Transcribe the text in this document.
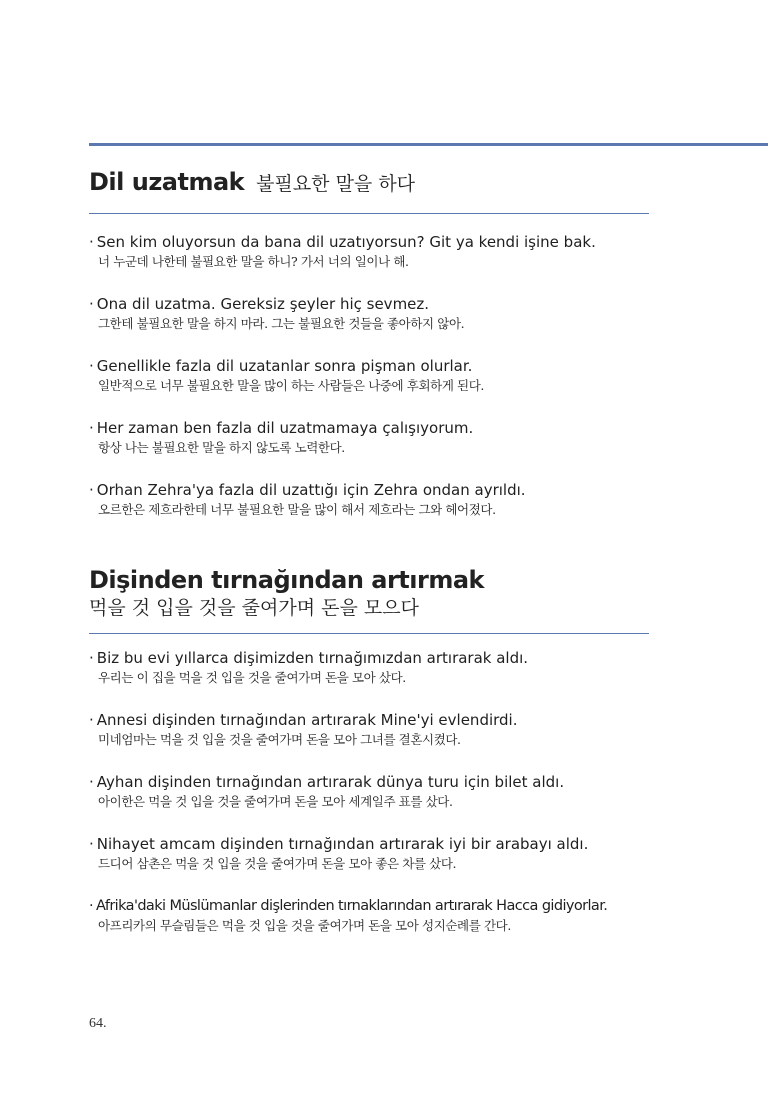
Dil uzatmak 불필요한 말을 하다
· Sen kim oluyorsun da bana dil uzatıyorsun? Git ya kendi işine bak.
너 누군데 나한테 불필요한 말을 하니? 가서 너의 일이나 해.
· Ona dil uzatma. Gereksiz şeyler hiç sevmez.
그한테 불필요한 말을 하지 마라. 그는 불필요한 것들을 좋아하지 않아.
· Genellikle fazla dil uzatanlar sonra pişman olurlar.
일반적으로 너무 불필요한 말을 많이 하는 사람들은 나중에 후회하게 된다.
· Her zaman ben fazla dil uzatmamaya çalışıyorum.
항상 나는 불필요한 말을 하지 않도록 노력한다.
· Orhan Zehra'ya fazla dil uzattığı için Zehra ondan ayrıldı.
오르한은 제흐라한테 너무 불필요한 말을 많이 해서 제흐라는 그와 헤어졌다.
Dişinden tırnağından artırmak
먹을 것 입을 것을 줄여가며 돈을 모으다
· Biz bu evi yıllarca dişimizden tırnağımızdan artırarak aldı.
우리는 이 집을 먹을 것 입을 것을 줄여가며 돈을 모아 샀다.
· Annesi dişinden tırnağından artırarak Mine'yi evlendirdi.
미네엄마는 먹을 것 입을 것을 줄여가며 돈을 모아 그녀를 결혼시켰다.
· Ayhan dişinden tırnağından artırarak dünya turu için bilet aldı.
아이한은 먹을 것 입을 것을 줄여가며 돈을 모아 세계일주 표를 샀다.
· Nihayet amcam dişinden tırnağından artırarak iyi bir arabayı aldı.
드디어 삼촌은 먹을 것 입을 것을 줄여가며 돈을 모아 좋은 차를 샀다.
· Afrika'daki Müslümanlar dişlerinden tırnaklarından artırarak Hacca gidiyorlar.
아프리카의 무슬림들은 먹을 것 입을 것을 줄여가며 돈을 모아 성지순례를 간다.
64.
